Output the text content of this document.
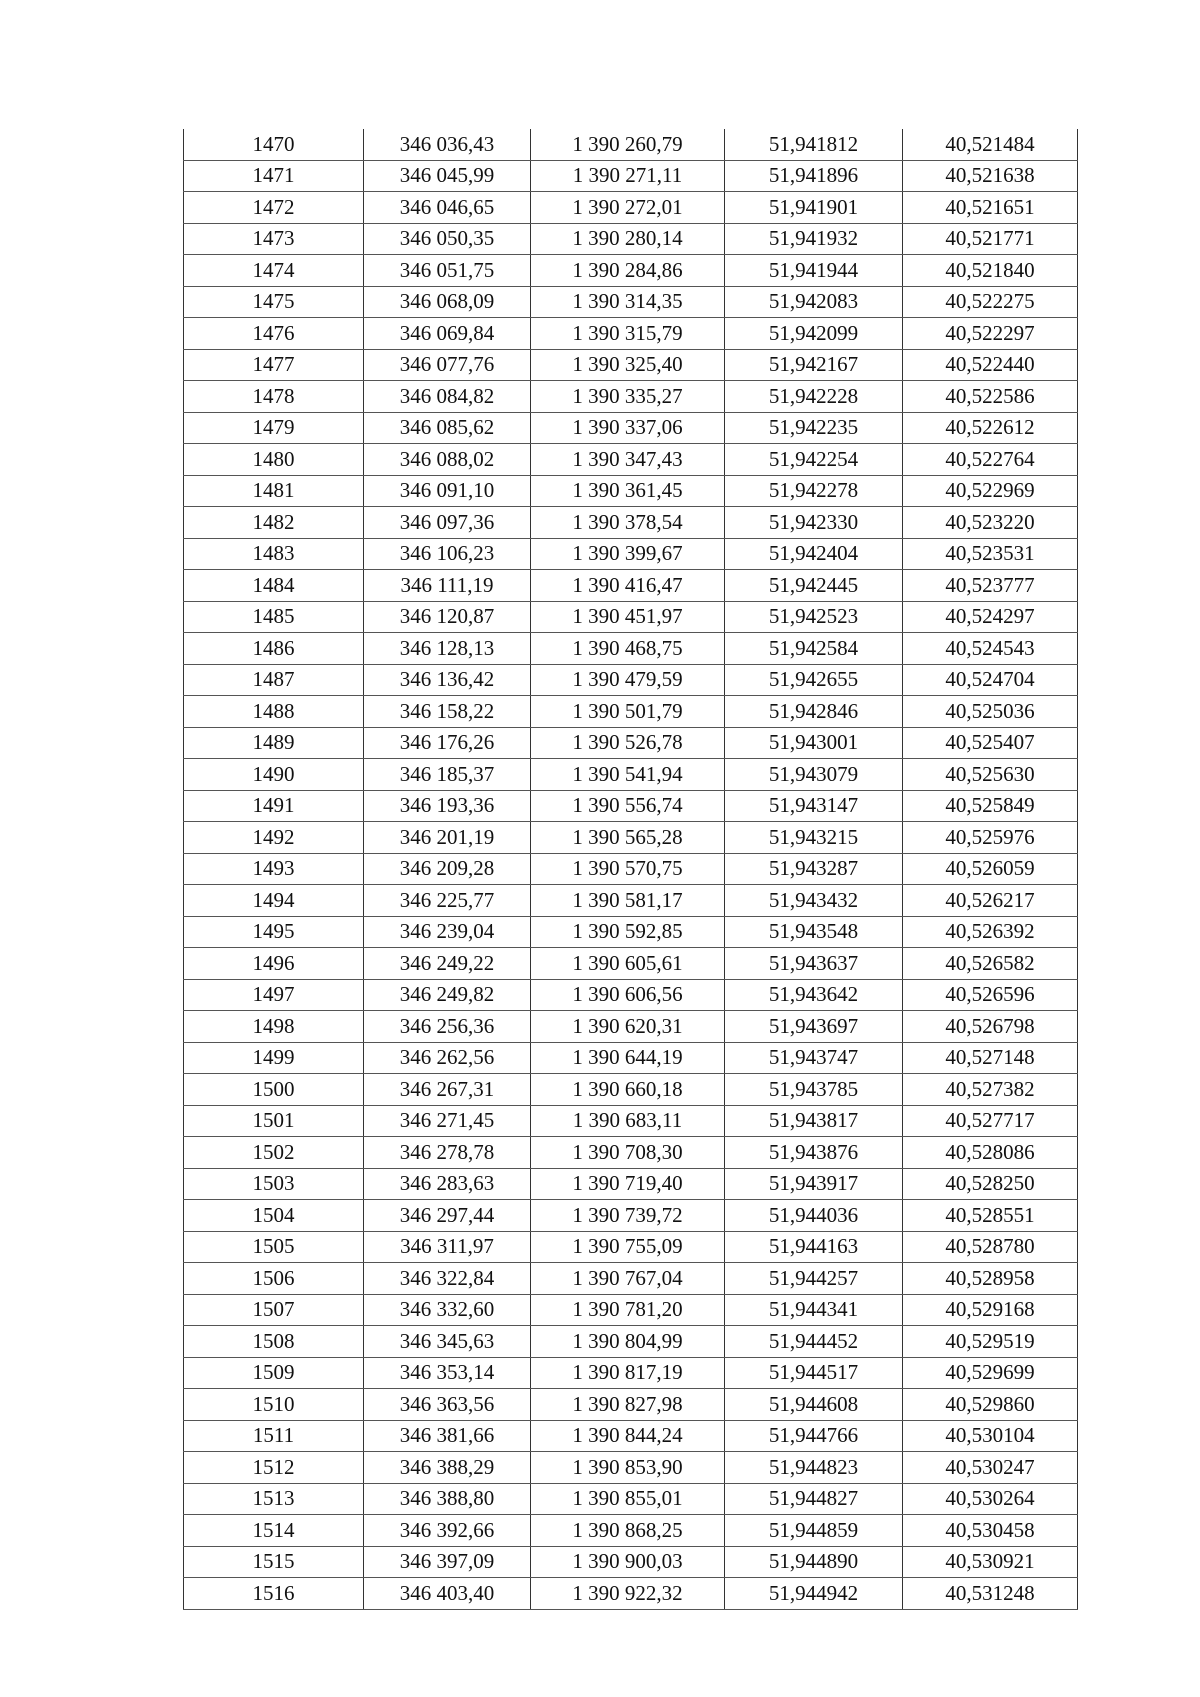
1470	346 036,43	1 390 260,79	51,941812	40,521484
1471	346 045,99	1 390 271,11	51,941896	40,521638
1472	346 046,65	1 390 272,01	51,941901	40,521651
1473	346 050,35	1 390 280,14	51,941932	40,521771
1474	346 051,75	1 390 284,86	51,941944	40,521840
1475	346 068,09	1 390 314,35	51,942083	40,522275
1476	346 069,84	1 390 315,79	51,942099	40,522297
1477	346 077,76	1 390 325,40	51,942167	40,522440
1478	346 084,82	1 390 335,27	51,942228	40,522586
1479	346 085,62	1 390 337,06	51,942235	40,522612
1480	346 088,02	1 390 347,43	51,942254	40,522764
1481	346 091,10	1 390 361,45	51,942278	40,522969
1482	346 097,36	1 390 378,54	51,942330	40,523220
1483	346 106,23	1 390 399,67	51,942404	40,523531
1484	346 111,19	1 390 416,47	51,942445	40,523777
1485	346 120,87	1 390 451,97	51,942523	40,524297
1486	346 128,13	1 390 468,75	51,942584	40,524543
1487	346 136,42	1 390 479,59	51,942655	40,524704
1488	346 158,22	1 390 501,79	51,942846	40,525036
1489	346 176,26	1 390 526,78	51,943001	40,525407
1490	346 185,37	1 390 541,94	51,943079	40,525630
1491	346 193,36	1 390 556,74	51,943147	40,525849
1492	346 201,19	1 390 565,28	51,943215	40,525976
1493	346 209,28	1 390 570,75	51,943287	40,526059
1494	346 225,77	1 390 581,17	51,943432	40,526217
1495	346 239,04	1 390 592,85	51,943548	40,526392
1496	346 249,22	1 390 605,61	51,943637	40,526582
1497	346 249,82	1 390 606,56	51,943642	40,526596
1498	346 256,36	1 390 620,31	51,943697	40,526798
1499	346 262,56	1 390 644,19	51,943747	40,527148
1500	346 267,31	1 390 660,18	51,943785	40,527382
1501	346 271,45	1 390 683,11	51,943817	40,527717
1502	346 278,78	1 390 708,30	51,943876	40,528086
1503	346 283,63	1 390 719,40	51,943917	40,528250
1504	346 297,44	1 390 739,72	51,944036	40,528551
1505	346 311,97	1 390 755,09	51,944163	40,528780
1506	346 322,84	1 390 767,04	51,944257	40,528958
1507	346 332,60	1 390 781,20	51,944341	40,529168
1508	346 345,63	1 390 804,99	51,944452	40,529519
1509	346 353,14	1 390 817,19	51,944517	40,529699
1510	346 363,56	1 390 827,98	51,944608	40,529860
1511	346 381,66	1 390 844,24	51,944766	40,530104
1512	346 388,29	1 390 853,90	51,944823	40,530247
1513	346 388,80	1 390 855,01	51,944827	40,530264
1514	346 392,66	1 390 868,25	51,944859	40,530458
1515	346 397,09	1 390 900,03	51,944890	40,530921
1516	346 403,40	1 390 922,32	51,944942	40,531248
